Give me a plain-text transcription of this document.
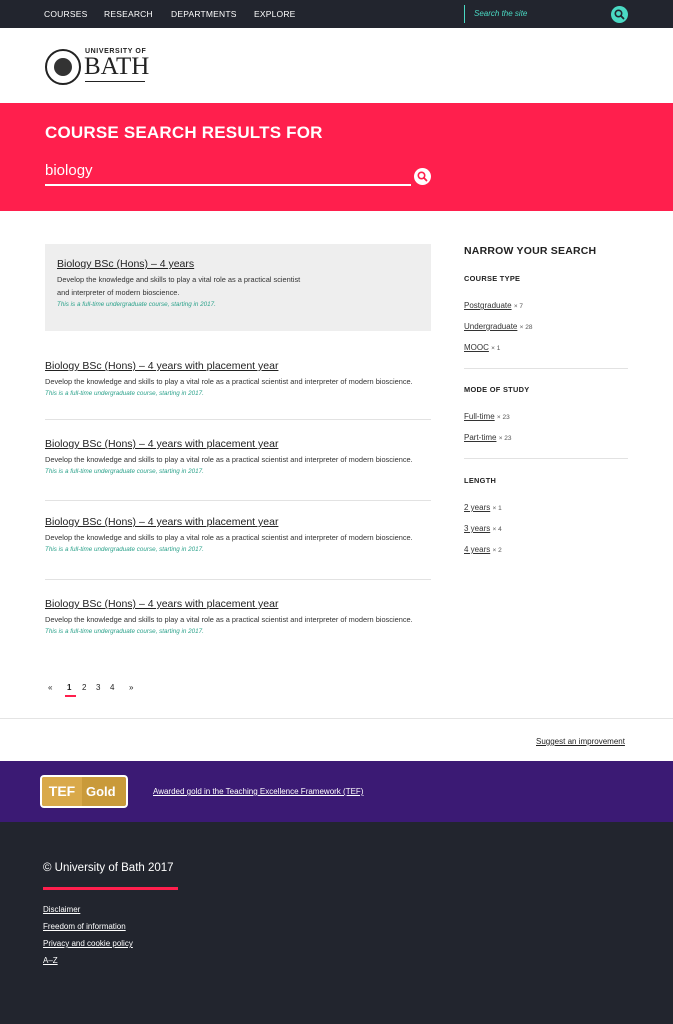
COURSES RESEARCH DEPARTMENTS EXPLORE	Search the site
UNIVERSITY OF
BATH
COURSE SEARCH RESULTS FOR
biology
Biology BSc (Hons) – 4 years

Develop the knowledge and skills to play a vital role as a practical scientist and interpreter of modern bioscience.

This is a full-time undergraduate course, starting in 2017.

Biology BSc (Hons) – 4 years with placement year

Develop the knowledge and skills to play a vital role as a practical scientist and interpreter of modern bioscience.

This is a full-time undergraduate course, starting in 2017.

Biology BSc (Hons) – 4 years with placement year

Develop the knowledge and skills to play a vital role as a practical scientist and interpreter of modern bioscience.

This is a full-time undergraduate course, starting in 2017.

Biology BSc (Hons) – 4 years with placement year

Develop the knowledge and skills to play a vital role as a practical scientist and interpreter of modern bioscience.

This is a full-time undergraduate course, starting in 2017.

Biology BSc (Hons) – 4 years with placement year

Develop the knowledge and skills to play a vital role as a practical scientist and interpreter of modern bioscience.

This is a full-time undergraduate course, starting in 2017.

« 1 2 3 4 »
NARROW YOUR SEARCH
COURSE TYPE
Postgraduate × 7
Undergraduate × 28
MOOC × 1
MODE OF STUDY
Full-time × 23
Part-time × 23
LENGTH
2 years × 1
3 years × 4
4 years × 2
Suggest an improvement
TEF Gold	Awarded gold in the Teaching Excellence Framework (TEF)
© University of Bath 2017
Disclaimer
Freedom of information
Privacy and cookie policy
A–Z
